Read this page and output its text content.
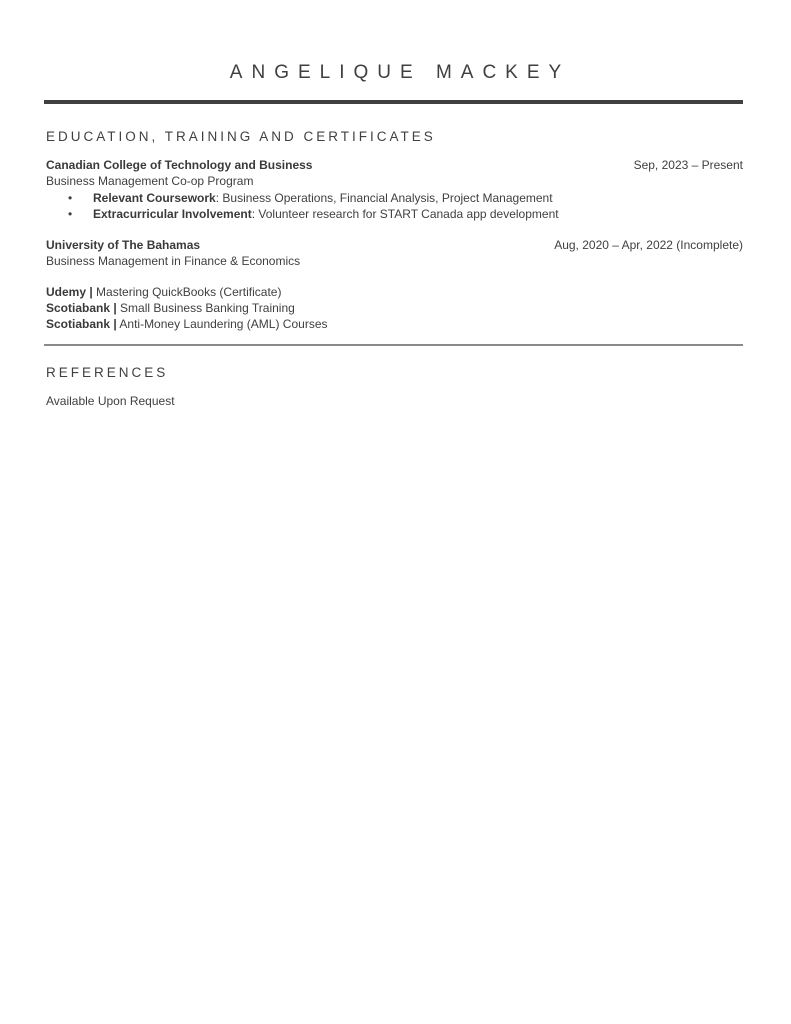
ANGELIQUE MACKEY
EDUCATION, TRAINING AND CERTIFICATES
Canadian College of Technology and Business	Sep, 2023 – Present
Business Management Co-op Program
• Relevant Coursework: Business Operations, Financial Analysis, Project Management
• Extracurricular Involvement: Volunteer research for START Canada app development
University of The Bahamas	Aug, 2020 – Apr, 2022 (Incomplete)
Business Management in Finance & Economics
Udemy | Mastering QuickBooks (Certificate)
Scotiabank | Small Business Banking Training
Scotiabank | Anti-Money Laundering (AML) Courses
REFERENCES
Available Upon Request
